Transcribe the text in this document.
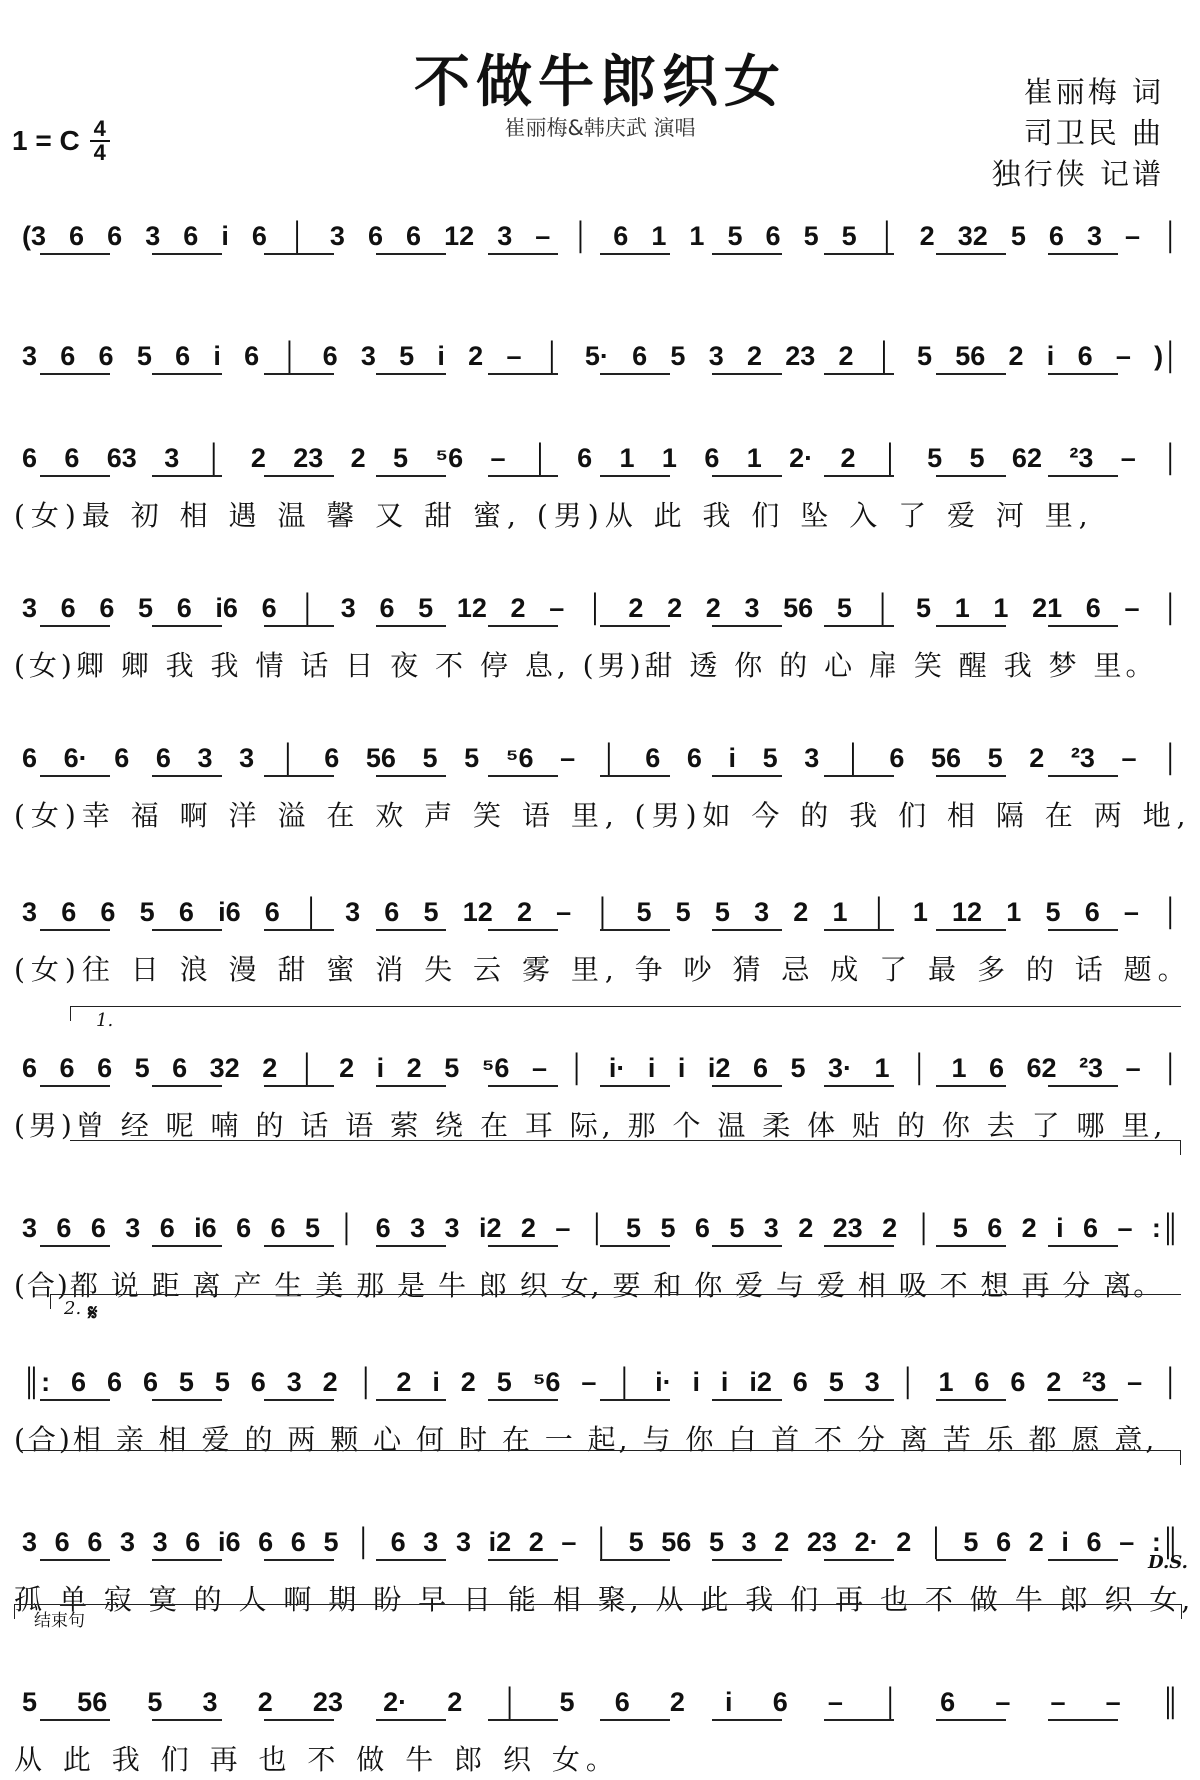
不做牛郎织女
崔丽梅&韩庆武 演唱
崔丽梅 词
司卫民 曲
独行侠 记谱
1 = C 4
4
(3 6 6 3 6 i 6 │ 3 6 6 12 3 – │ 6 1 1 5 6 5 5 │ 2 32 5 6 3 – │
3 6 6 5 6 i 6 │ 6 3 5 i 2 – │ 5· 6 5 3 2 23 2 │ 5 56 2 i 6 – )│
6 6 63 3 │ 2 23 2 5 ⁵6 – │ 6 1 1 6 1 2· 2 │ 5 5 62 ²3 – │
(女)最 初 相 遇 温 馨 又 甜 蜜, (男)从 此 我 们 坠 入 了 爱 河 里,
3 6 6 5 6 i6 6 │ 3 6 5 12 2 – │ 2 2 2 3 56 5 │ 5 1 1 21 6 – │
(女)卿 卿 我 我 情 话 日 夜 不 停 息, (男)甜 透 你 的 心 扉 笑 醒 我 梦 里。
6 6· 6 6 3 3 │ 6 56 5 5 ⁵6 – │ 6 6 i 5 3 │ 6 56 5 2 ²3 – │
(女)幸 福 啊 洋 溢 在 欢 声 笑 语 里, (男)如 今 的 我 们 相 隔 在 两 地,
3 6 6 5 6 i6 6 │ 3 6 5 12 2 – │ 5 5 5 3 2 1 │ 1 12 1 5 6 – │
(女)往 日 浪 漫 甜 蜜 消 失 云 雾 里, 争 吵 猜 忌 成 了 最 多 的 话 题。
6 6 6 5 6 32 2 │ 2 i 2 5 ⁵6 – │ i· i i i2 6 5 3· 1 │ 1 6 62 ²3 – │
(男)曾 经 呢 喃 的 话 语 萦 绕 在 耳 际, 那 个 温 柔 体 贴 的 你 去 了 哪 里,
3 6 6 3 6 i6 6 6 5 │ 6 3 3 i2 2 – │ 5 5 6 5 3 2 23 2 │ 5 6 2 i 6 – :║
(合)都 说 距 离 产 生 美 那 是 牛 郎 织 女, 要 和 你 爱 与 爱 相 吸 不 想 再 分 离。
║: 6 6 6 5 5 6 3 2 │ 2 i 2 5 ⁵6 – │ i· i i i2 6 5 3 │ 1 6 6 2 ²3 – │
(合)相 亲 相 爱 的 两 颗 心 何 时 在 一 起, 与 你 白 首 不 分 离 苦 乐 都 愿 意,
3 6 6 3 3 6 i6 6 6 5 │ 6 3 3 i2 2 – │ 5 56 5 3 2 23 2· 2 │ 5 6 2 i 6 – :║
孤 单 寂 寞 的 人 啊 期 盼 早 日 能 相 聚, 从 此 我 们 再 也 不 做 牛 郎 织 女,
5 56 5 3 2 23 2· 2 │ 5 6 2 i 6 – │ 6 – – – ║
从 此 我 们 再 也 不 做 牛 郎 织 女。
1.
2. 𝄋
D.S.
结束句
